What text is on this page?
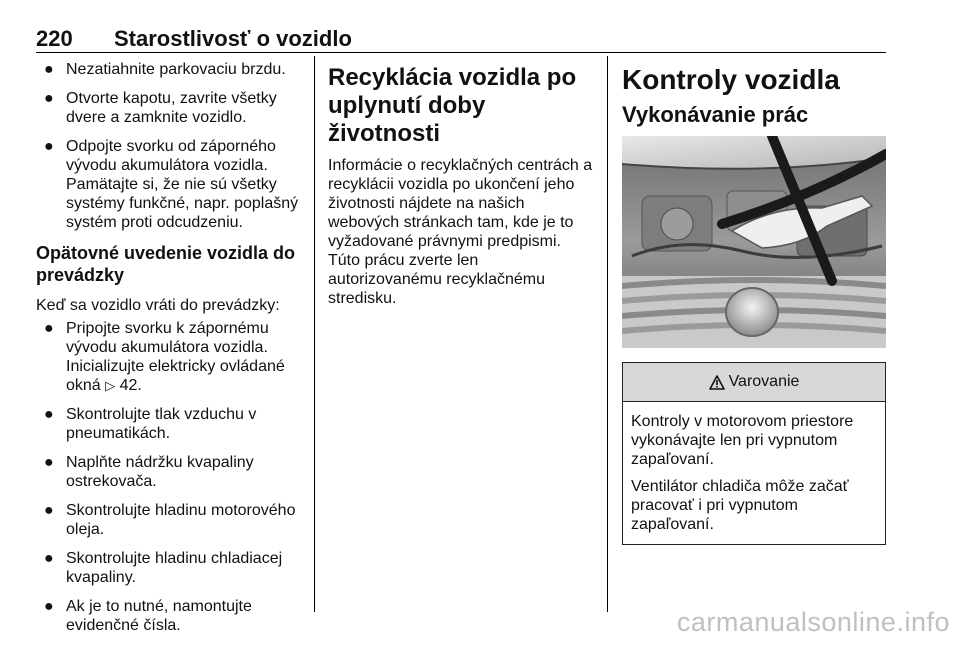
220 Starostlivosť o vozidlo
● Nezatiahnite parkovaciu brzdu.
● Otvorte kapotu, zavrite všetky dvere a zamknite vozidlo.
● Odpojte svorku od záporného vývodu akumulátora vozidla. Pamätajte si, že nie sú všetky systémy funkčné, napr. poplašný systém proti odcudzeniu.
Opätovné uvedenie vozidla do prevádzky

Keď sa vozidlo vráti do prevádzky:

● Pripojte svorku k zápornému vývodu akumulátora vozidla. Inicializujte elektricky ovládané okná ▷ 42.
● Skontrolujte tlak vzduchu v pneumatikách.
● Naplňte nádržku kvapaliny ostrekovača.
● Skontrolujte hladinu motorového oleja.
● Skontrolujte hladinu chladiacej kvapaliny.
● Ak je to nutné, namontujte evidenčné čísla.
Recyklácia vozidla po uplynutí doby životnosti

Informácie o recyklačných centrách a recyklácii vozidla po ukončení jeho životnosti nájdete na našich webových stránkach tam, kde je to vyžadované právnymi predpismi. Túto prácu zverte len autorizovanému recyklačnému stredisku.

Kontroly vozidla
Vykonávanie prác
Varovanie

Kontroly v motorovom priestore vykonávajte len pri vypnutom zapaľovaní.

Ventilátor chladiča môže začať pracovať i pri vypnutom zapaľovaní.

carmanualsonline.info
